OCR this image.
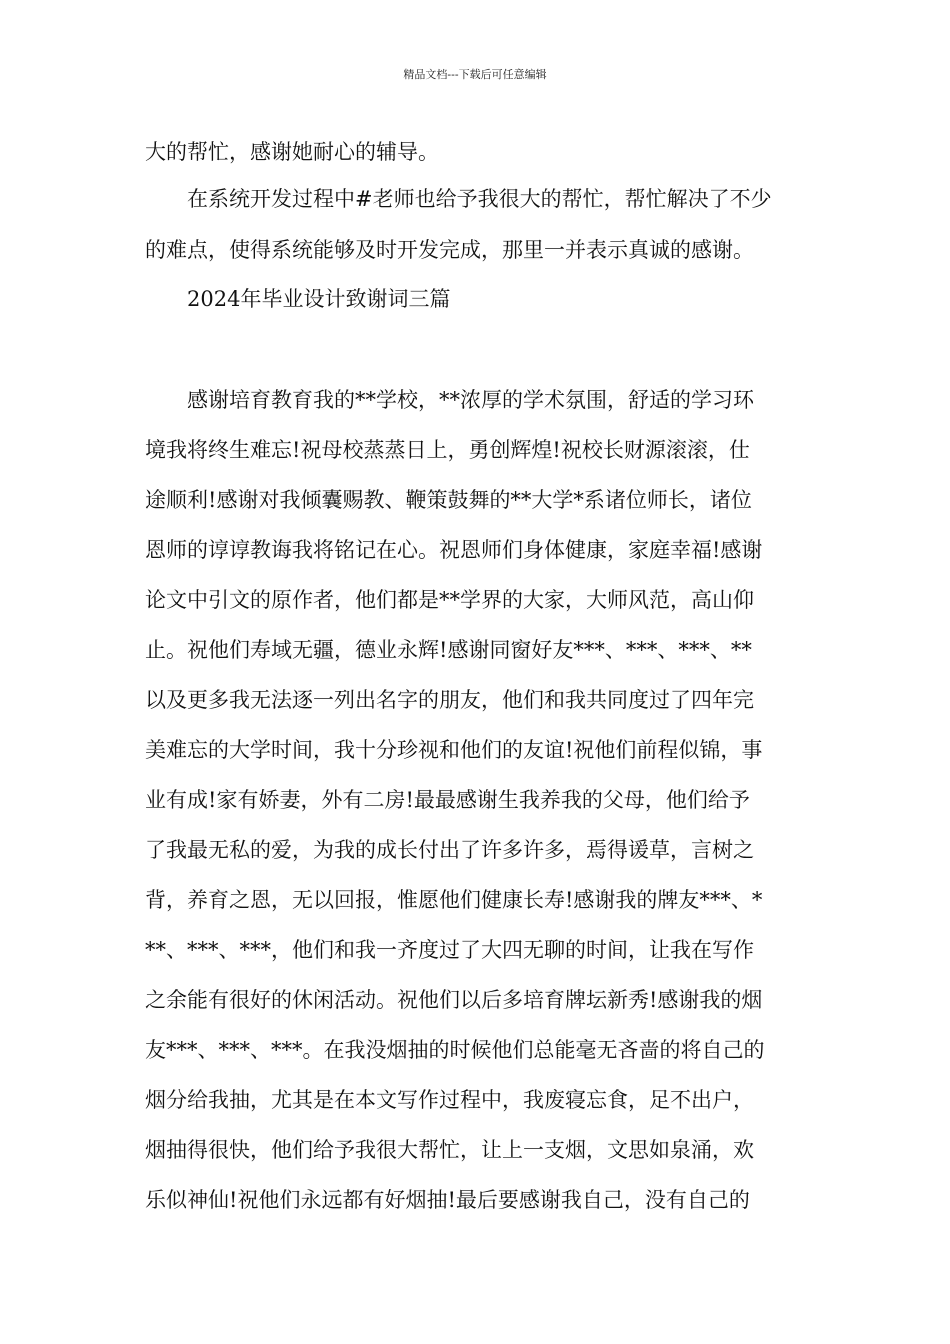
精品文档---下载后可任意编辑
大的帮忙，感谢她耐心的辅导。
　　在系统开发过程中#老师也给予我很大的帮忙，帮忙解决了不少
的难点，使得系统能够及时开发完成，那里一并表示真诚的感谢。
　　2024年毕业设计致谢词三篇
　　感谢培育教育我的**学校，**浓厚的学术氛围，舒适的学习环
境我将终生难忘!祝母校蒸蒸日上，勇创辉煌!祝校长财源滚滚，仕
途顺利!感谢对我倾囊赐教、鞭策鼓舞的**大学*系诸位师长，诸位
恩师的谆谆教诲我将铭记在心。祝恩师们身体健康，家庭幸福!感谢
论文中引文的原作者，他们都是**学界的大家，大师风范，高山仰
止。祝他们寿域无疆，德业永辉!感谢同窗好友***、***、***、**
以及更多我无法逐一列出名字的朋友，他们和我共同度过了四年完
美难忘的大学时间，我十分珍视和他们的友谊!祝他们前程似锦，事
业有成!家有娇妻，外有二房!最最感谢生我养我的父母，他们给予
了我最无私的爱，为我的成长付出了许多许多，焉得谖草，言树之
背，养育之恩，无以回报，惟愿他们健康长寿!感谢我的牌友***、*
**、***、***，他们和我一齐度过了大四无聊的时间，让我在写作
之余能有很好的休闲活动。祝他们以后多培育牌坛新秀!感谢我的烟
友***、***、***。在我没烟抽的时候他们总能毫无吝啬的将自己的
烟分给我抽，尤其是在本文写作过程中，我废寝忘食，足不出户，
烟抽得很快，他们给予我很大帮忙，让上一支烟，文思如泉涌，欢
乐似神仙!祝他们永远都有好烟抽!最后要感谢我自己，没有自己的
